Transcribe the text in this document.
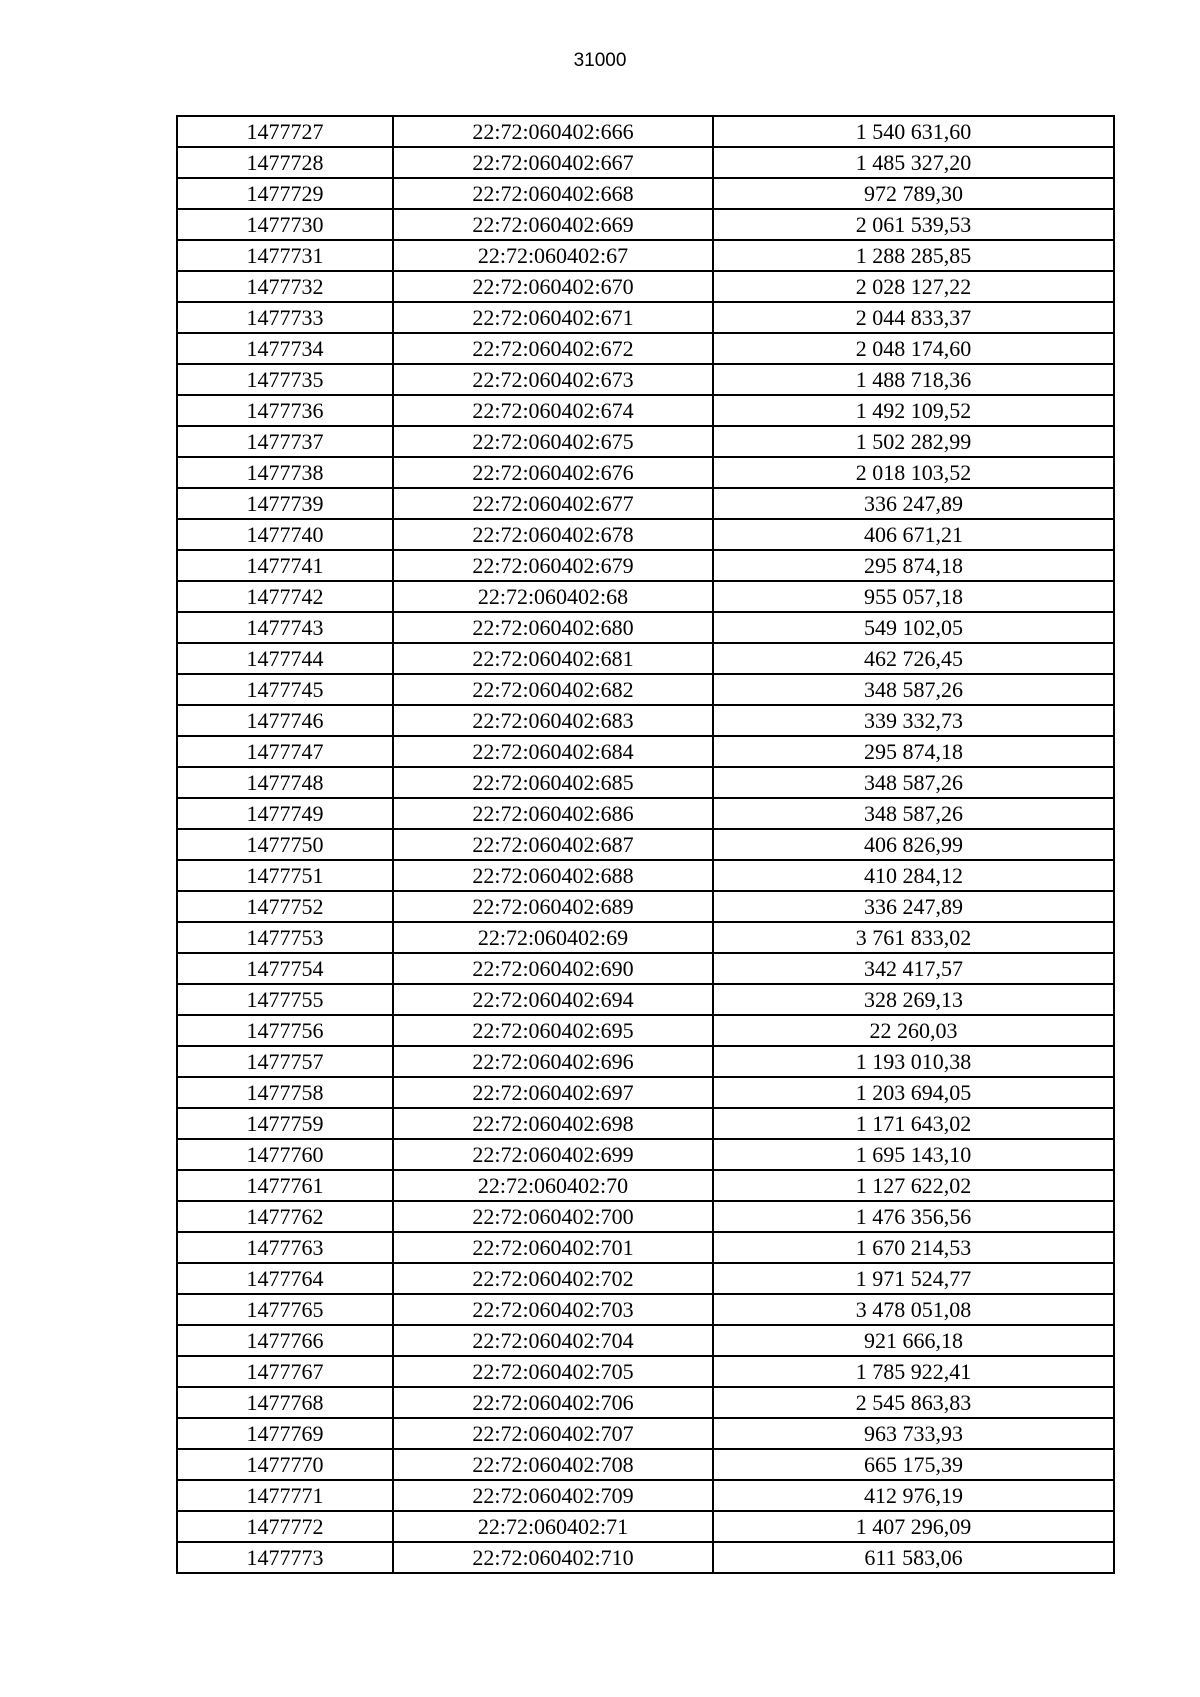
31000
1477727	22:72:060402:666	1 540 631,60
1477728	22:72:060402:667	1 485 327,20
1477729	22:72:060402:668	972 789,30
1477730	22:72:060402:669	2 061 539,53
1477731	22:72:060402:67	1 288 285,85
1477732	22:72:060402:670	2 028 127,22
1477733	22:72:060402:671	2 044 833,37
1477734	22:72:060402:672	2 048 174,60
1477735	22:72:060402:673	1 488 718,36
1477736	22:72:060402:674	1 492 109,52
1477737	22:72:060402:675	1 502 282,99
1477738	22:72:060402:676	2 018 103,52
1477739	22:72:060402:677	336 247,89
1477740	22:72:060402:678	406 671,21
1477741	22:72:060402:679	295 874,18
1477742	22:72:060402:68	955 057,18
1477743	22:72:060402:680	549 102,05
1477744	22:72:060402:681	462 726,45
1477745	22:72:060402:682	348 587,26
1477746	22:72:060402:683	339 332,73
1477747	22:72:060402:684	295 874,18
1477748	22:72:060402:685	348 587,26
1477749	22:72:060402:686	348 587,26
1477750	22:72:060402:687	406 826,99
1477751	22:72:060402:688	410 284,12
1477752	22:72:060402:689	336 247,89
1477753	22:72:060402:69	3 761 833,02
1477754	22:72:060402:690	342 417,57
1477755	22:72:060402:694	328 269,13
1477756	22:72:060402:695	22 260,03
1477757	22:72:060402:696	1 193 010,38
1477758	22:72:060402:697	1 203 694,05
1477759	22:72:060402:698	1 171 643,02
1477760	22:72:060402:699	1 695 143,10
1477761	22:72:060402:70	1 127 622,02
1477762	22:72:060402:700	1 476 356,56
1477763	22:72:060402:701	1 670 214,53
1477764	22:72:060402:702	1 971 524,77
1477765	22:72:060402:703	3 478 051,08
1477766	22:72:060402:704	921 666,18
1477767	22:72:060402:705	1 785 922,41
1477768	22:72:060402:706	2 545 863,83
1477769	22:72:060402:707	963 733,93
1477770	22:72:060402:708	665 175,39
1477771	22:72:060402:709	412 976,19
1477772	22:72:060402:71	1 407 296,09
1477773	22:72:060402:710	611 583,06
